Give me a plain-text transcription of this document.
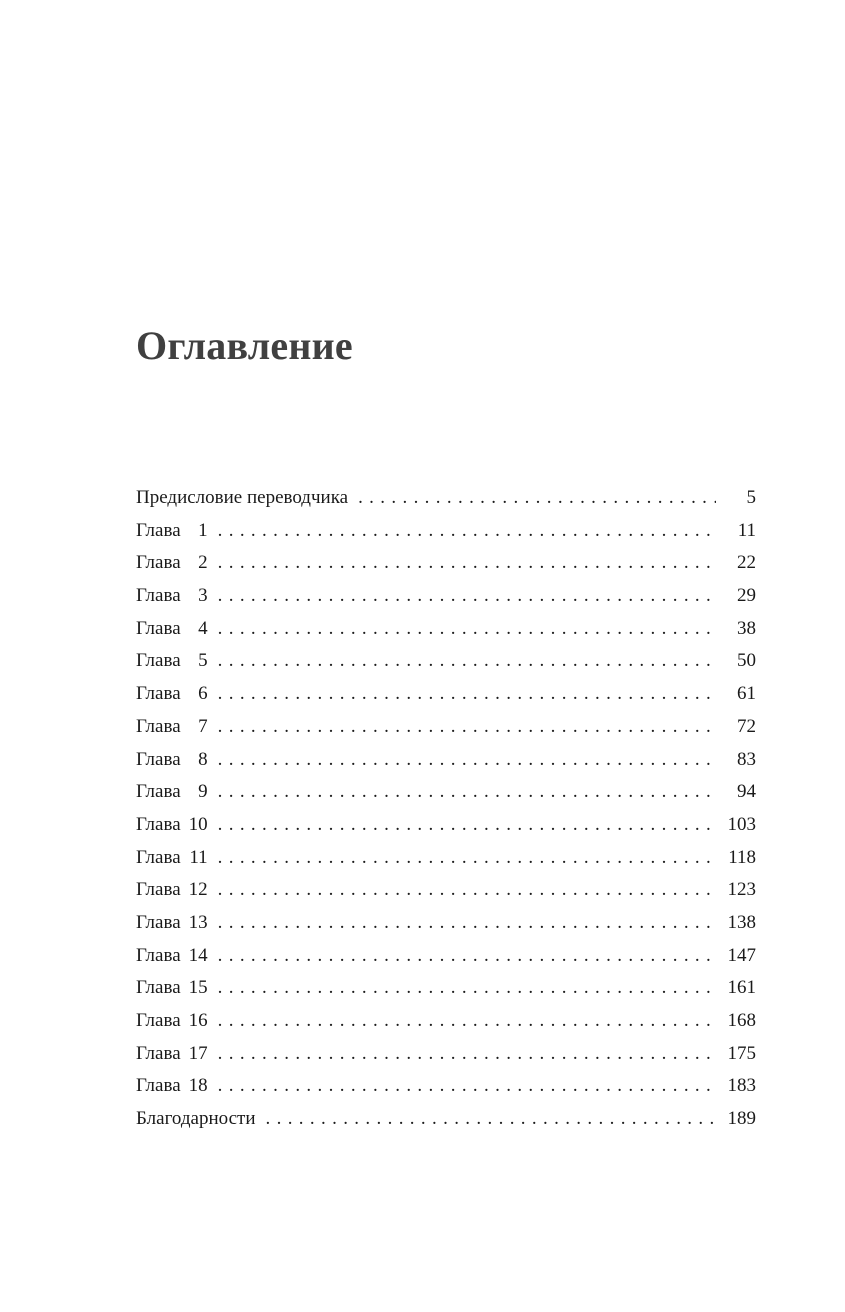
Оглавление
Предисловие переводчика . . .	5
Глава 1 . . .	11
Глава 2 . . .	22
Глава 3 . . .	29
Глава 4 . . .	38
Глава 5 . . .	50
Глава 6 . . .	61
Глава 7 . . .	72
Глава 8 . . .	83
Глава 9 . . .	94
Глава 10 . . .	103
Глава 11 . . .	118
Глава 12 . . .	123
Глава 13 . . .	138
Глава 14 . . .	147
Глава 15 . . .	161
Глава 16 . . .	168
Глава 17 . . .	175
Глава 18 . . .	183
Благодарности . . .	189
